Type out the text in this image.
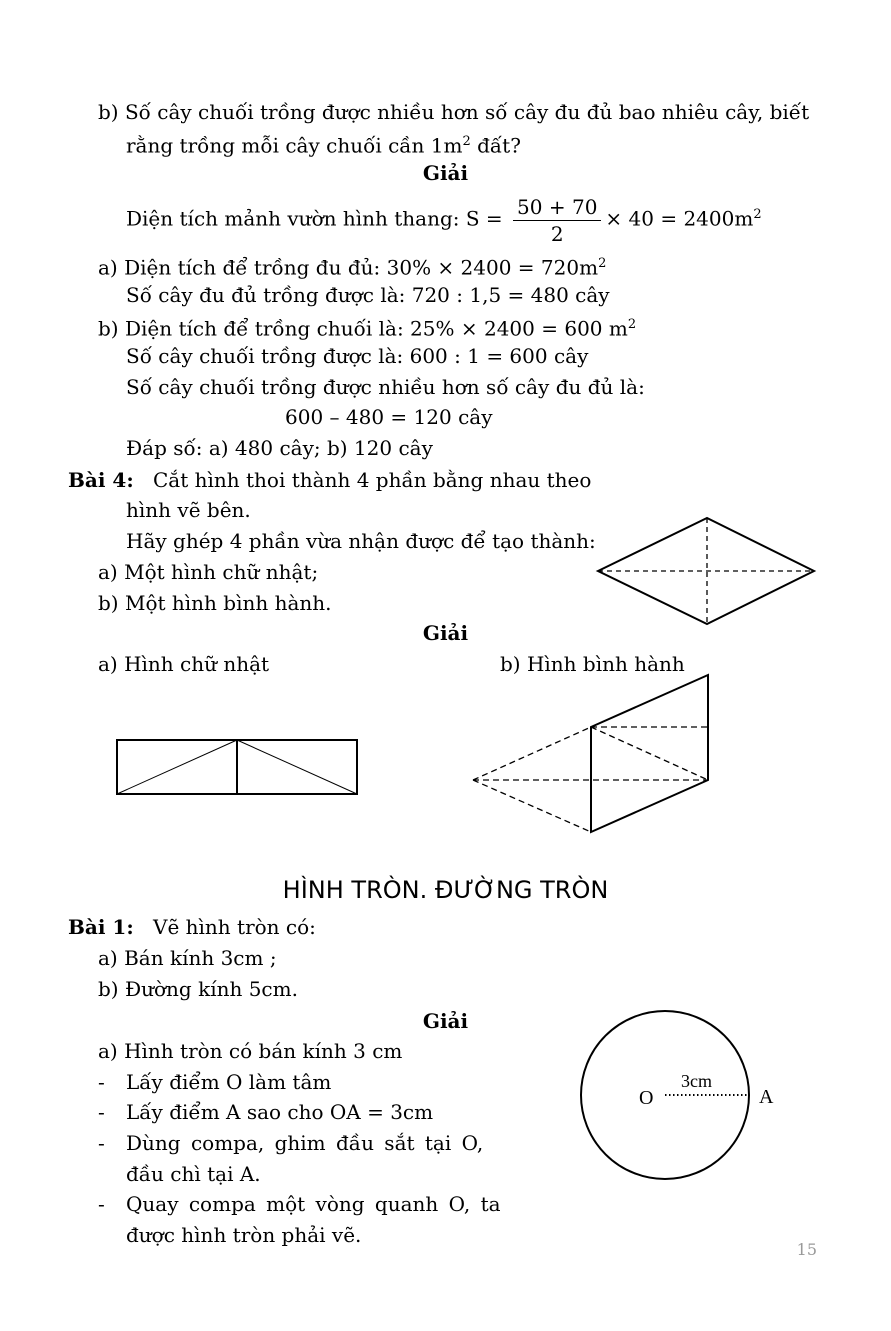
b) Số cây chuối trồng được nhiều hơn số cây đu đủ bao nhiêu cây, biết
rằng trồng mỗi cây chuối cần $1m^2$ đất?
Giải
Diện tích mảnh vườn hình thang: $S = \frac{50 + 70}{2} \times 40 = 2400m^2$
a) Diện tích để trồng đu đủ: $30\% \times 2400 = 720m^2$
Số cây đu đủ trồng được là: 720 : 1,5 = 480 cây
b) Diện tích để trồng chuối là: 25% × 2400 = 600 $m^2$
Số cây chuối trồng được là: 600 : 1 = 600 cây
Số cây chuối trồng được nhiều hơn số cây đu đủ là:
600 – 480 = 120 cây
Đáp số: a) 480 cây; b) 120 cây
Bài 4: Cắt hình thoi thành 4 phần bằng nhau theo
hình vẽ bên.
Hãy ghép 4 phần vừa nhận được để tạo thành:
a) Một hình chữ nhật;
b) Một hình bình hành.
Giải
a) Hình chữ nhật	b) Hình bình hành
HÌNH TRÒN. ĐƯỜNG TRÒN
Bài 1: Vẽ hình tròn có:
a) Bán kính 3cm ;
b) Đường kính 5cm.
Giải
a) Hình tròn có bán kính 3 cm
- Lấy điểm O làm tâm
- Lấy điểm A sao cho OA = 3cm
- Dùng compa, ghim đầu sắt tại O,
đầu chì tại A.
- Quay compa một vòng quanh O, ta
được hình tròn phải vẽ.
O	A
3cm
15
